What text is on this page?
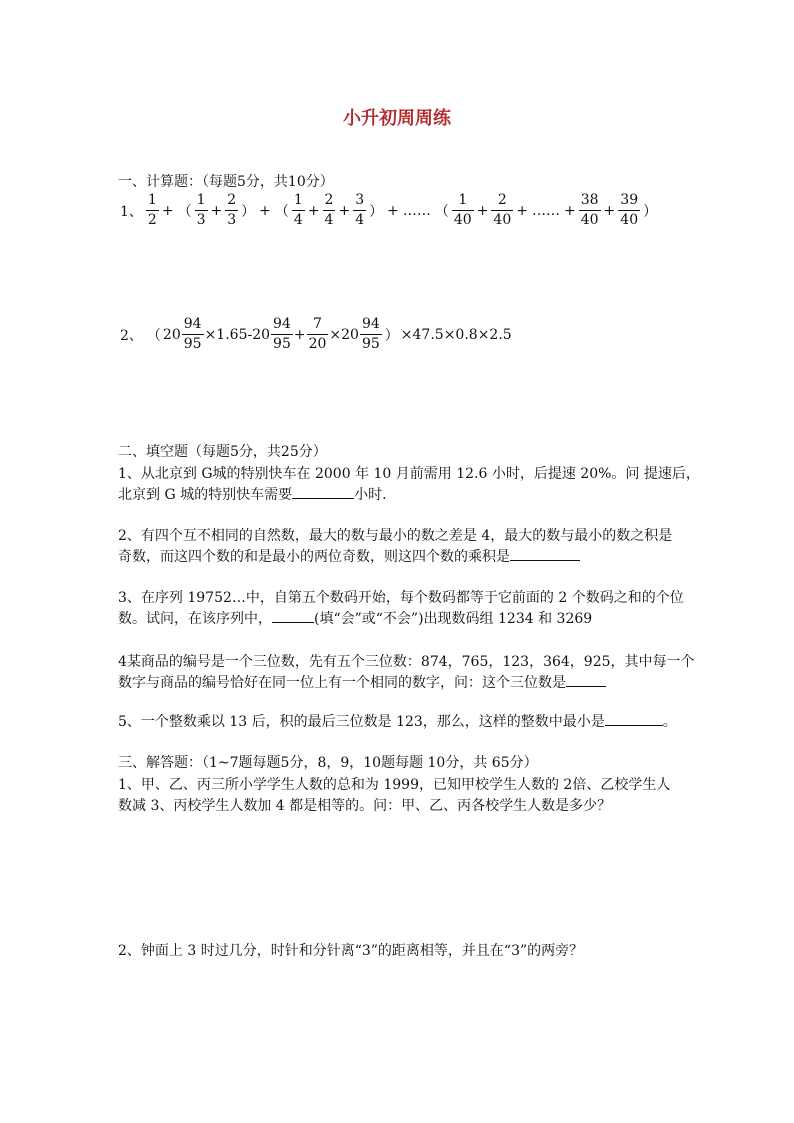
小升初周周练
一、计算题：（每题5分，共10分）
1、 $\frac{1}{2}$ + （ $\frac{1}{3} + \frac{2}{3}$ ） + （ $\frac{1}{4} + \frac{2}{4} + \frac{3}{4}$ ） + …… （ $\frac{1}{40} + \frac{2}{40}$ + …… + $\frac{38}{40} + \frac{39}{40}$ ）
2、 （ $20 \frac{94}{95} \times 1.65-20 \frac{94}{95} + \frac{7}{20} \times 20 \frac{94}{95}$ ） ×47.5×0.8×2.5
二、填空题（每题5分，共25分）
1、从北京到 G城的特别快车在 2000 年 10 月前需用 12.6 小时，后提速 20%。问 提速后，
北京到 G 城的特别快车需要	小时.
2、有四个互不相同的自然数，最大的数与最小的数之差是 4，最大的数与最小的数之积是
奇数，而这四个数的和是最小的两位奇数，则这四个数的乘积是
3、在序列 19752…中，自第五个数码开始，每个数码都等于它前面的 2 个数码之和的个位
数。试问，在该序列中，	(填“会”或“不会”)出现数码组 1234 和 3269
4某商品的编号是一个三位数，先有五个三位数：874，765，123，364，925，其中每一个
数字与商品的编号恰好在同一位上有一个相同的数字，问：这个三位数是
5、一个整数乘以 13 后，积的最后三位数是 123，那么，这样的整数中最小是	。
三、解答题：（1~7题每题5分，8，9，10题每题 10分，共 65分）
1、甲、乙、丙三所小学学生人数的总和为 1999，已知甲校学生人数的 2倍、乙校学生人
数减 3、丙校学生人数加 4 都是相等的。问：甲、乙、丙各校学生人数是多少？
2、钟面上 3 时过几分，时针和分针离“3”的距离相等，并且在“3”的两旁？
